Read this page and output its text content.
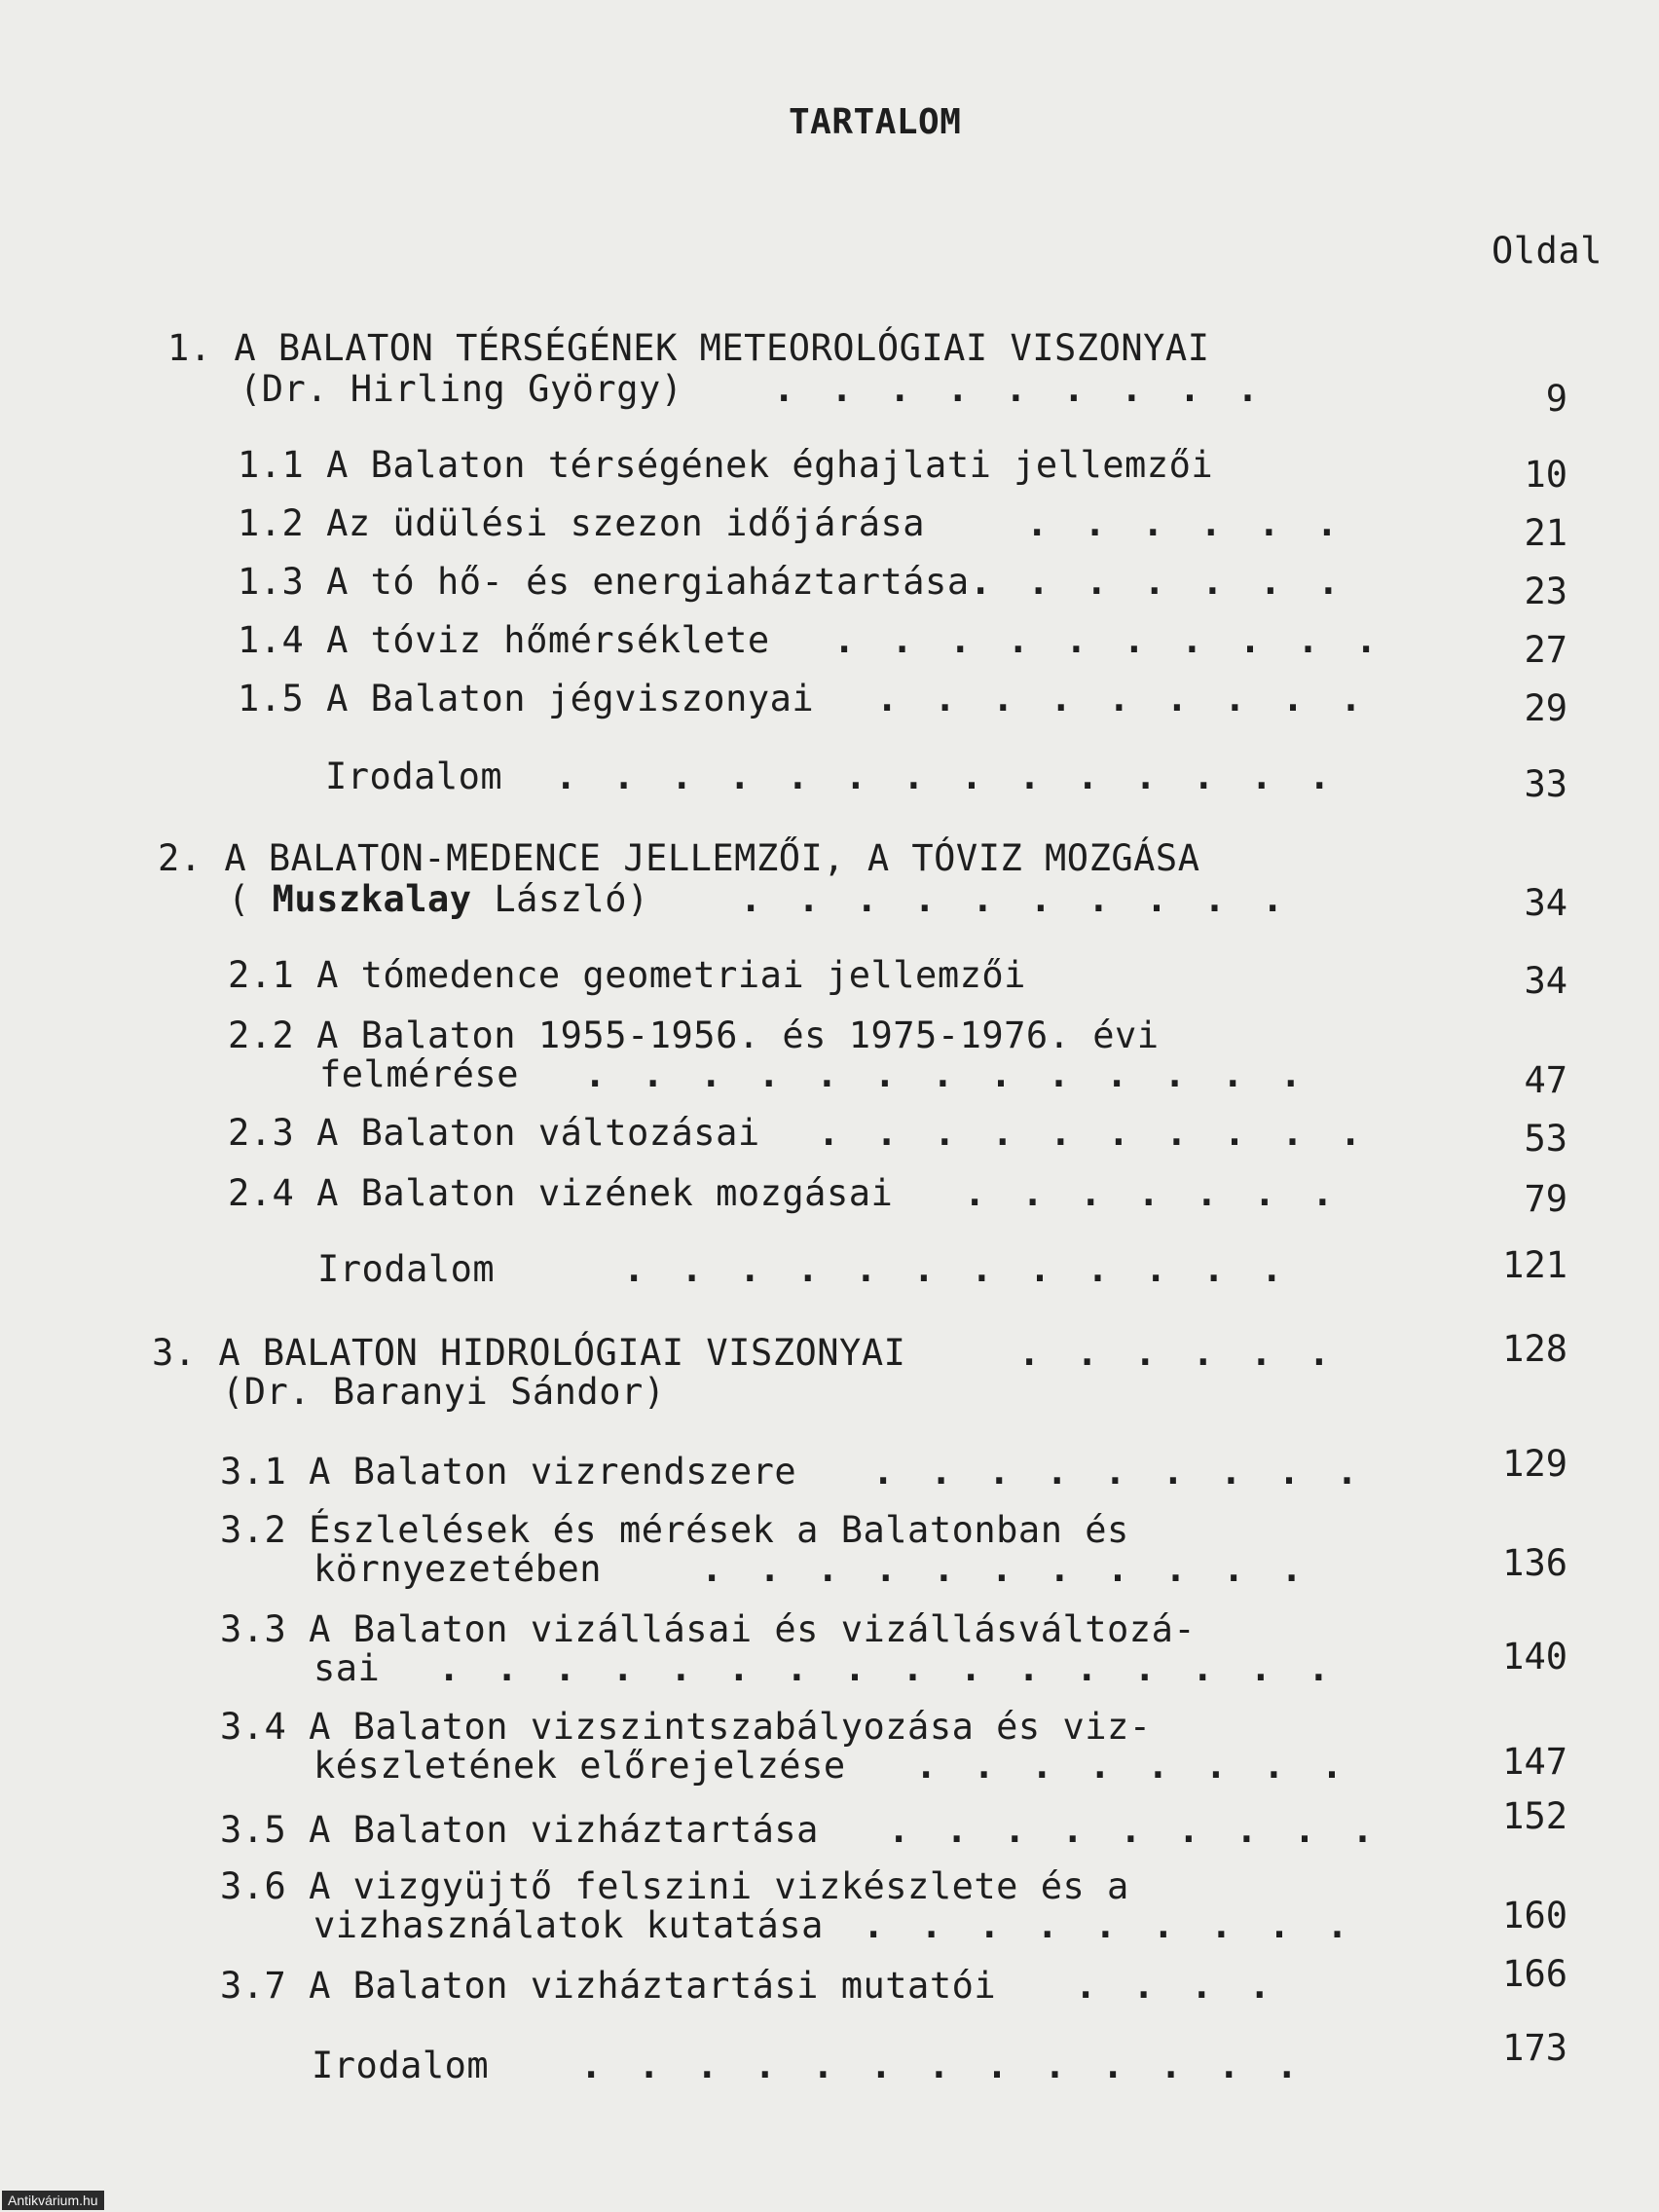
TARTALOM
Oldal
1. A BALATON TÉRSÉGÉNEK METEOROLÓGIAI VISZONYAI
(Dr. Hirling György) . . . . . . . . .	9
1.1 A Balaton térségének éghajlati jellemzői	10
1.2 Az üdülési szezon időjárása	. . . . . .	21
1.3 A tó hő- és energiaháztartása . . . . . . .	23
1.4 A tóviz hőmérséklete . . . . . . . . . .	27
1.5 A Balaton jégviszonyai . . . . . . . . .	29
Irodalom . . . . . . . . . . . . . .	33
2. A BALATON-MEDENCE JELLEMZŐI, A TÓVIZ MOZGÁSA
( Muszkalay László)	. . . . . . . . . .	34
2.1 A tómedence geometriai jellemzői	34
2.2 A Balaton 1955-1956. és 1975-1976. évi
felmérése . . . . . . . . . . . . .	47
2.3 A Balaton változásai . . . . . . . . . .	53
2.4 A Balaton vizének mozgásai . . . . . . .	79
Irodalom	. . . . . . . . . . . .	121
3. A BALATON HIDROLÓGIAI VISZONYAI	. . . . . .	128
(Dr. Baranyi Sándor)
3.1 A Balaton vizrendszere . . . . . . . . .	129
3.2 Észlelések és mérések a Balatonban és
környezetében	. . . . . . . . . . .	136
3.3 A Balaton vizállásai és vizállásváltozá-
sai . . . . . . . . . . . . . . . .	140
3.4 A Balaton vizszintszabályozása és viz-
készletének előrejelzése . . . . . . . .	147
3.5 A Balaton vizháztartása . . . . . . . . .	152
3.6 A vizgyüjtő felszini vizkészlete és a
vizhasználatok kutatása . . . . . . . . .	160
3.7 A Balaton vizháztartási mutatói . . . .	166
Irodalom	. . . . . . . . . . . . .	173
Antikvárium.hu
